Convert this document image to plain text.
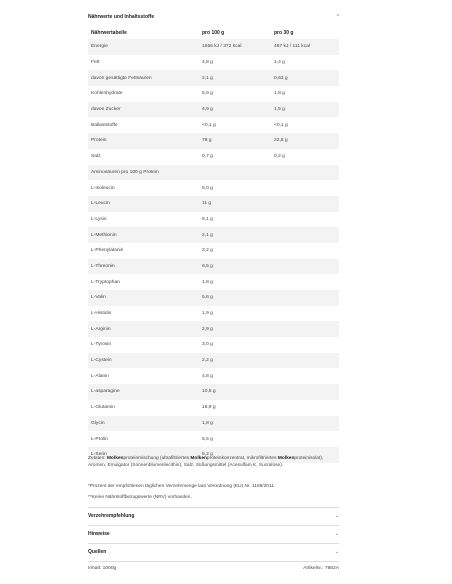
Nährwerte und Inhaltsstoffe	^
Nährwertabelle	pro 100 g	pro 30 g
Energie	1556 kJ / 372 kcal	467 kJ / 111 kcal
Fett	4,8 g	1,4 g
davon gesättigte Fettsäuren	2,1 g	0,63 g
Kohlenhydrate	5,9 g	1,8 g
davon Zucker	4,9 g	1,5 g
Ballaststoffe	<0,1 g	<0,1 g
Protein	78 g	22,8 g
Salz	0,7 g	0,2 g
Aminosäuren pro 100 g Protein
L-Isoleucin	6,0 g
L-Leucin	11 g
L-Lysin	9,1 g
L-Methionin	2,1 g
L-Phenylalanin	3,2 g
L-Threonin	6,5 g
L-Tryptophan	1,8 g
L-Valin	5,6 g
L-Histidin	1,9 g
L-Arginin	2,9 g
L-Tyrosin	3,0 g
L-Cystein	2,2 g
L-Alanin	4,8 g
L-asparagine	10,5 g
L-Glutamin	16,9 g
Glycin	1,8 g
L-Prolin	5,5 g
L-Serin	5,2 g
Zutaten: Molkenproteinmischung (ultrafiltriertes Molkenproteinkonzentrat, mikrofiltriertes Molkenproteinisolat), Aromen, Emulgator (Sonnenblumenlecithin), Salz, Süßungsmittel (Acesulfam K, Sucralose).
*Prozent der empfohlenen täglichen Verzehrmenge laut Verordnung (EU) Nr. 1169/2011
**Keine Nährstoffbezugswerte (NRV) vorhanden.
Verzehrempfehlung	⌄
Hinweise	⌄
Quellen	⌄
Inhalt: 1000g	Artikelnr.: 7882A
